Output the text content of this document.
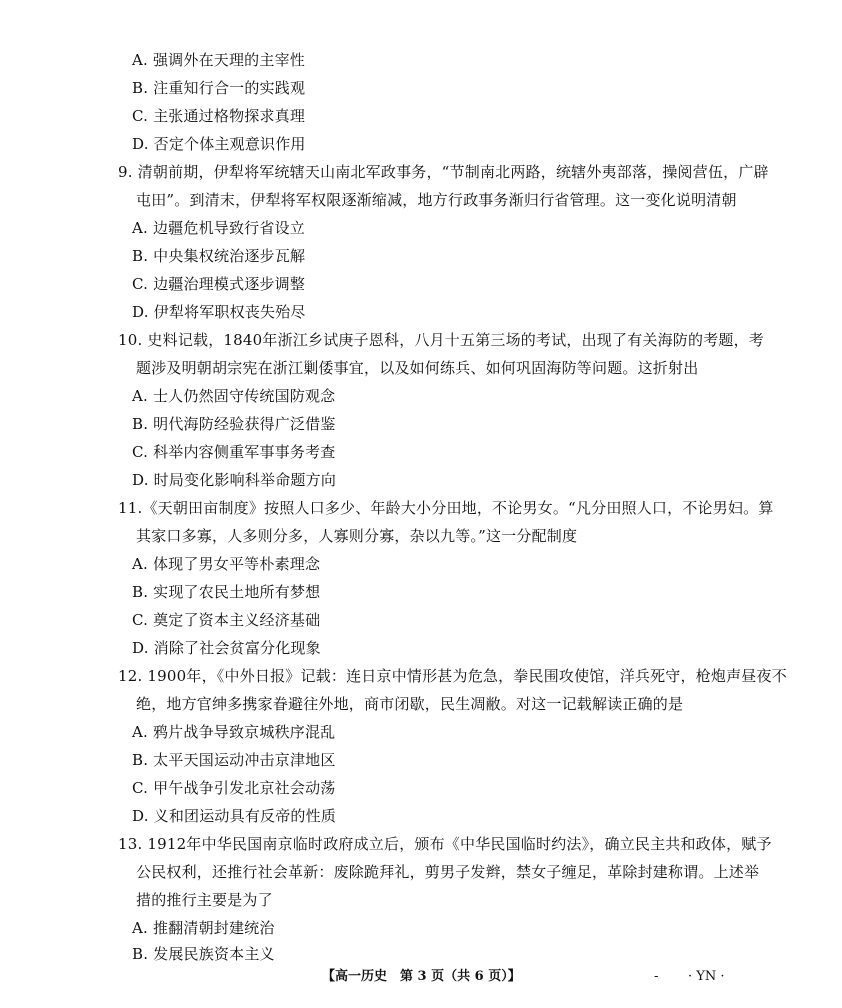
A. 强调外在天理的主宰性
B. 注重知行合一的实践观
C. 主张通过格物探求真理
D. 否定个体主观意识作用
9. 清朝前期，伊犁将军统辖天山南北军政事务，“节制南北两路，统辖外夷部落，操阅营伍，广辟
屯田”。到清末，伊犁将军权限逐渐缩减，地方行政事务渐归行省管理。这一变化说明清朝
A. 边疆危机导致行省设立
B. 中央集权统治逐步瓦解
C. 边疆治理模式逐步调整
D. 伊犁将军职权丧失殆尽
10. 史料记载，1840年浙江乡试庚子恩科，八月十五第三场的考试，出现了有关海防的考题，考
题涉及明朝胡宗宪在浙江剿倭事宜，以及如何练兵、如何巩固海防等问题。这折射出
A. 士人仍然固守传统国防观念
B. 明代海防经验获得广泛借鉴
C. 科举内容侧重军事事务考查
D. 时局变化影响科举命题方向
11.《天朝田亩制度》按照人口多少、年龄大小分田地，不论男女。“凡分田照人口，不论男妇。算
其家口多寡，人多则分多，人寡则分寡，杂以九等。”这一分配制度
A. 体现了男女平等朴素理念
B. 实现了农民土地所有梦想
C. 奠定了资本主义经济基础
D. 消除了社会贫富分化现象
12. 1900年，《中外日报》记载：连日京中情形甚为危急，拳民围攻使馆，洋兵死守，枪炮声昼夜不
绝，地方官绅多携家眷避往外地，商市闭歇，民生凋敝。对这一记载解读正确的是
A. 鸦片战争导致京城秩序混乱
B. 太平天国运动冲击京津地区
C. 甲午战争引发北京社会动荡
D. 义和团运动具有反帝的性质
13. 1912年中华民国南京临时政府成立后，颁布《中华民国临时约法》，确立民主共和政体，赋予
公民权利，还推行社会革新：废除跪拜礼，剪男子发辫，禁女子缠足，革除封建称谓。上述举
措的推行主要是为了
A. 推翻清朝封建统治
B. 发展民族资本主义
【高一历史　第 3 页（共 6 页）】	- · YN ·
